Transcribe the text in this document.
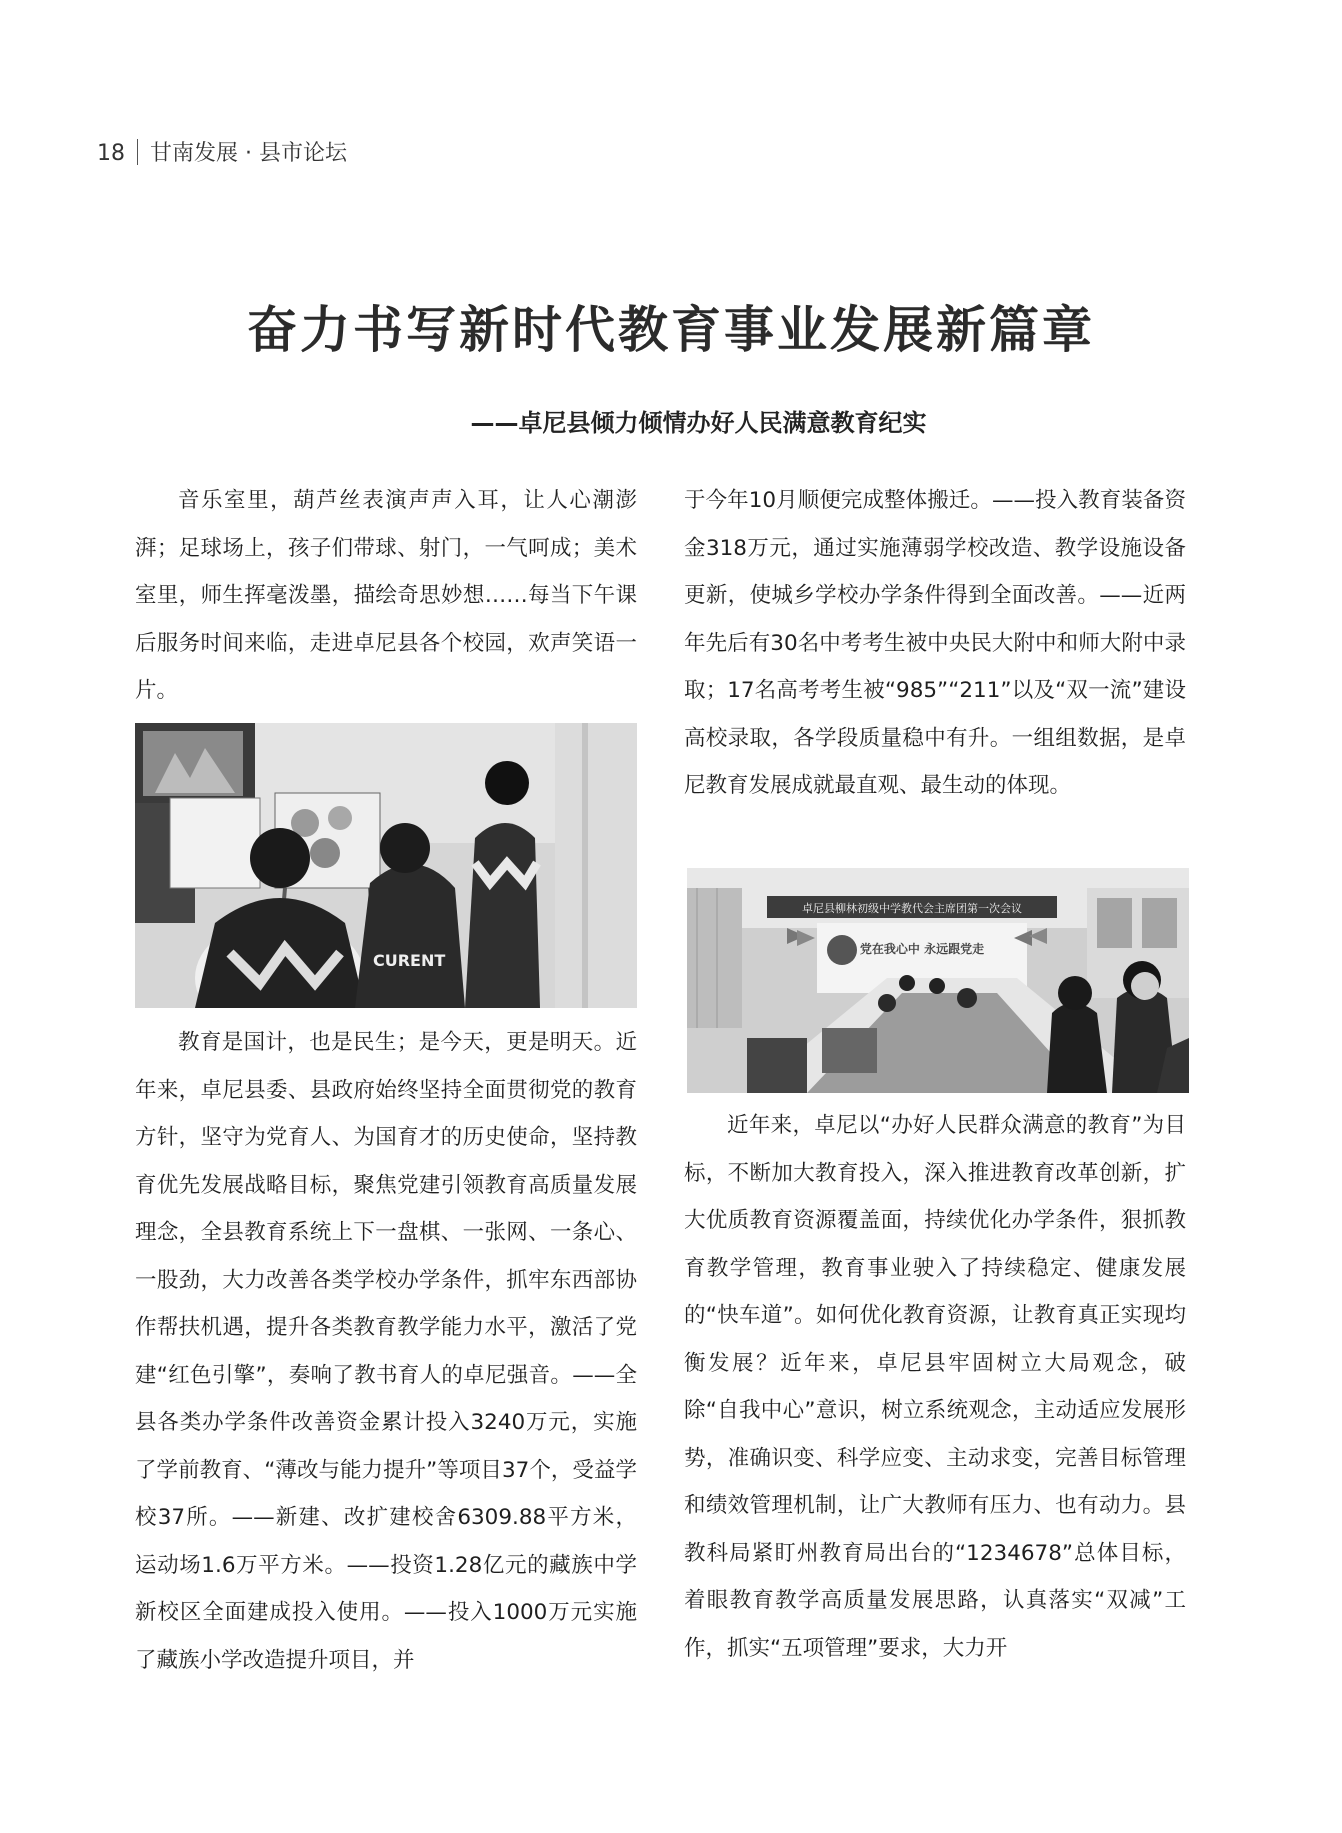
18 甘南发展 · 县市论坛
奋力书写新时代教育事业发展新篇章
——卓尼县倾力倾情办好人民满意教育纪实

音乐室里，葫芦丝表演声声入耳，让人心潮澎湃；足球场上，孩子们带球、射门，一气呵成；美术室里，师生挥毫泼墨，描绘奇思妙想……每当下午课后服务时间来临，走进卓尼县各个校园，欢声笑语一片。

CURENT

教育是国计，也是民生；是今天，更是明天。近年来，卓尼县委、县政府始终坚持全面贯彻党的教育方针，坚守为党育人、为国育才的历史使命，坚持教育优先发展战略目标，聚焦党建引领教育高质量发展理念，全县教育系统上下一盘棋、一张网、一条心、一股劲，大力改善各类学校办学条件，抓牢东西部协作帮扶机遇，提升各类教育教学能力水平，激活了党建“红色引擎”，奏响了教书育人的卓尼强音。——全县各类办学条件改善资金累计投入3240万元，实施了学前教育、“薄改与能力提升”等项目37个，受益学校37所。——新建、改扩建校舍6309.88平方米，运动场1.6万平方米。——投资1.28亿元的藏族中学新校区全面建成投入使用。——投入1000万元实施了藏族小学改造提升项目，并

于今年10月顺便完成整体搬迁。——投入教育装备资金318万元，通过实施薄弱学校改造、教学设施设备更新，使城乡学校办学条件得到全面改善。——近两年先后有30名中考考生被中央民大附中和师大附中录取；17名高考考生被“985”“211”以及“双一流”建设高校录取，各学段质量稳中有升。一组组数据，是卓尼教育发展成就最直观、最生动的体现。

卓尼县柳林初级中学教代会主席团第一次会议
党在我心中 永远跟党走

近年来，卓尼以“办好人民群众满意的教育”为目标，不断加大教育投入，深入推进教育改革创新，扩大优质教育资源覆盖面，持续优化办学条件，狠抓教育教学管理，教育事业驶入了持续稳定、健康发展的“快车道”。如何优化教育资源，让教育真正实现均衡发展？近年来，卓尼县牢固树立大局观念，破除“自我中心”意识，树立系统观念，主动适应发展形势，准确识变、科学应变、主动求变，完善目标管理和绩效管理机制，让广大教师有压力、也有动力。县教科局紧盯州教育局出台的“1234678”总体目标，着眼教育教学高质量发展思路，认真落实“双减”工作，抓实“五项管理”要求，大力开
